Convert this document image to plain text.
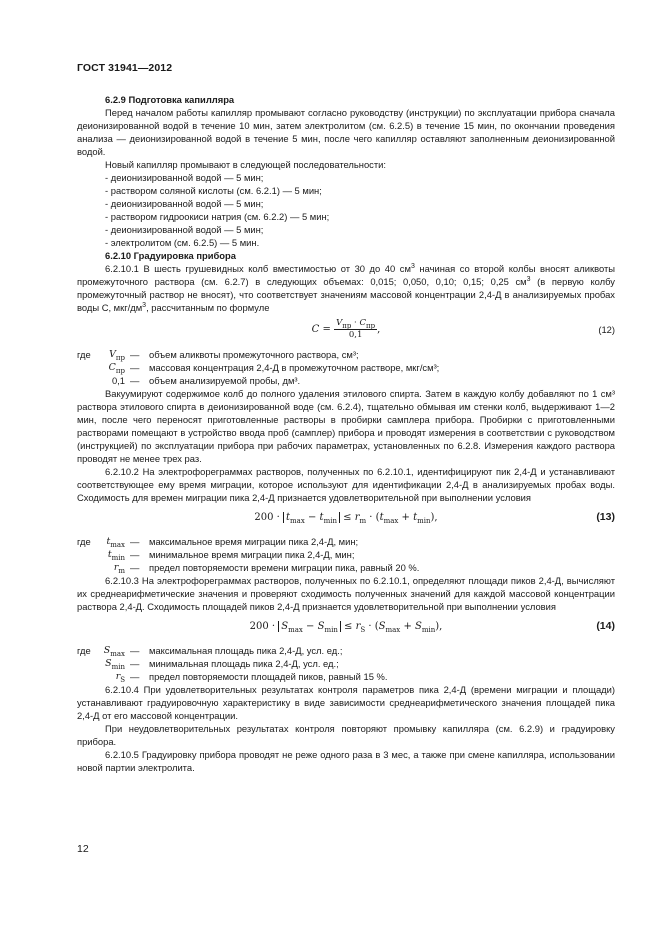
ГОСТ 31941—2012

6.2.9 Подготовка капилляра

Перед началом работы капилляр промывают согласно руководству (инструкции) по эксплуатации прибора сначала деионизированной водой в течение 10 мин, затем электролитом (см. 6.2.5) в течение 15 мин, по окончании проведения анализа — деионизированной водой в течение 5 мин, после чего капилляр оставляют заполненным деионизированной водой.

Новый капилляр промывают в следующей последовательности:

- деионизированной водой — 5 мин;

- раствором соляной кислоты (см. 6.2.1) — 5 мин;

- деионизированной водой — 5 мин;

- раствором гидроокиси натрия (см. 6.2.2) — 5 мин;

- деионизированной водой — 5 мин;

- электролитом (см. 6.2.5) — 5 мин.

6.2.10 Градуировка прибора

6.2.10.1 В шесть грушевидных колб вместимостью от 30 до 40 $см^3$ начиная со второй колбы вносят аликвоты промежуточного раствора (см. 6.2.7) в следующих объемах: 0,015; 0,050, 0,10; 0,15; 0,25 $см^3$ (в первую колбу промежуточный раствор не вносят), что соответствует значениям массовой концентрации 2,4-Д в анализируемых пробах воды С, мкг/$дм^3$, рассчитанным по формуле

$C = \frac{V_{пр} \cdot C_{пр}}{0,1}$ ,	(12)
где	$V_{пр}$ — объем аликвоты промежуточного раствора, см³;
$C_{пр}$ — массовая концентрация 2,4-Д в промежуточном растворе, мкг/см³;
0,1 — объем анализируемой пробы, дм³.

Вакуумируют содержимое колб до полного удаления этилового спирта. Затем в каждую колбу добавляют по 1 см³ раствора этилового спирта в деионизированной воде (см. 6.2.4), тщательно обмывая им стенки колб, выдерживают 1—2 мин, после чего переносят приготовленные растворы в пробирки самплера прибора. Пробирки с приготовленными растворами помещают в устройство ввода проб (самплер) прибора и проводят измерения в соответствии с руководством (инструкцией) по эксплуатации прибора при рабочих параметрах, установленных по 6.2.8. Измерения каждого раствора проводят не менее трех раз.

6.2.10.2 На электрофореграммах растворов, полученных по 6.2.10.1, идентифицируют пик 2,4-Д и устанавливают соответствующее ему время миграции, которое используют для идентификации 2,4-Д в анализируемых пробах воды. Сходимость для времен миграции пика 2,4-Д признается удовлетворительной при выполнении условия

$200 \cdot t_{max} - t_{min} \le r_m \cdot (t_{max} + t_{min})$,	(13)
где	$t_{max}$ — максимальное время миграции пика 2,4-Д, мин;
$t_{min}$ — минимальное время миграции пика 2,4-Д, мин;
$r_m$ — предел повторяемости времени миграции пика, равный 20 %.

6.2.10.3 На электрофореграммах растворов, полученных по 6.2.10.1, определяют площади пиков 2,4-Д, вычисляют их среднеарифметические значения и проверяют сходимость полученных значений для каждой массовой концентрации раствора 2,4-Д. Сходимость площадей пиков 2,4-Д признается удовлетворительной при выполнении условия

$200 \cdot S_{max} - S_{min} \le r_S \cdot (S_{max} + S_{min})$,	(14)
где	$S_{max}$ — максимальная площадь пика 2,4-Д, усл. ед.;
$S_{min}$ — минимальная площадь пика 2,4-Д, усл. ед.;
$r_S$ — предел повторяемости площадей пиков, равный 15 %.

6.2.10.4 При удовлетворительных результатах контроля параметров пика 2,4-Д (времени миграции и площади) устанавливают градуировочную характеристику в виде зависимости среднеарифметического значения площадей пика 2,4-Д от его массовой концентрации.

При неудовлетворительных результатах контроля повторяют промывку капилляра (см. 6.2.9) и градуировку прибора.

6.2.10.5 Градуировку прибора проводят не реже одного раза в 3 мес, а также при смене капилляра, использовании новой партии электролита.

12
